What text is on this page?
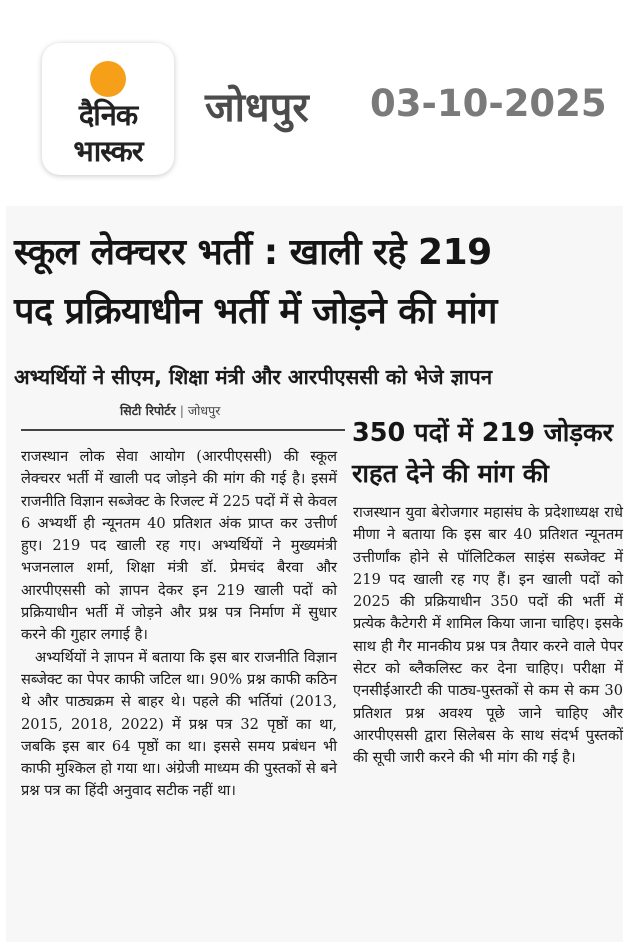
दैनिक
भास्कर
जोधपुर 03-10-2025
स्कूल लेक्चरर भर्ती : खाली रहे 219
पद प्रक्रियाधीन भर्ती में जोड़ने की मांग
अभ्यर्थियों ने सीएम, शिक्षा मंत्री और आरपीएससी को भेजे ज्ञापन
सिटी रिपोर्टर | जोधपुर

राजस्थान लोक सेवा आयोग (आरपीएससी) की स्कूल लेक्चरर भर्ती में खाली पद जोड़ने की मांग की गई है। इसमें राजनीति विज्ञान सब्जेक्ट के रिजल्ट में 225 पदों में से केवल 6 अभ्यर्थी ही न्यूनतम 40 प्रतिशत अंक प्राप्त कर उत्तीर्ण हुए। 219 पद खाली रह गए। अभ्यर्थियों ने मुख्यमंत्री भजनलाल शर्मा, शिक्षा मंत्री डॉ. प्रेमचंद बैरवा और आरपीएससी को ज्ञापन देकर इन 219 खाली पदों को प्रक्रियाधीन भर्ती में जोड़ने और प्रश्न पत्र निर्माण में सुधार करने की गुहार लगाई है।

अभ्यर्थियों ने ज्ञापन में बताया कि इस बार राजनीति विज्ञान सब्जेक्ट का पेपर काफी जटिल था। 90% प्रश्न काफी कठिन थे और पाठ्यक्रम से बाहर थे। पहले की भर्तियां (2013, 2015, 2018, 2022) में प्रश्न पत्र 32 पृष्ठों का था, जबकि इस बार 64 पृष्ठों का था। इससे समय प्रबंधन भी काफी मुश्किल हो गया था। अंग्रेजी माध्यम की पुस्तकों से बने प्रश्न पत्र का हिंदी अनुवाद सटीक नहीं था।

350 पदों में 219 जोड़कर
राहत देने की मांग की

राजस्थान युवा बेरोजगार महासंघ के प्रदेशाध्यक्ष राधे मीणा ने बताया कि इस बार 40 प्रतिशत न्यूनतम उत्तीर्णांक होने से पॉलिटिकल साइंस सब्जेक्ट में 219 पद खाली रह गए हैं। इन खाली पदों को 2025 की प्रक्रियाधीन 350 पदों की भर्ती में प्रत्येक कैटेगरी में शामिल किया जाना चाहिए। इसके साथ ही गैर मानकीय प्रश्न पत्र तैयार करने वाले पेपर सेटर को ब्लैकलिस्ट कर देना चाहिए। परीक्षा में एनसीईआरटी की पाठ्य-पुस्तकों से कम से कम 30 प्रतिशत प्रश्न अवश्य पूछे जाने चाहिए और आरपीएससी द्वारा सिलेबस के साथ संदर्भ पुस्तकों की सूची जारी करने की भी मांग की गई है।
